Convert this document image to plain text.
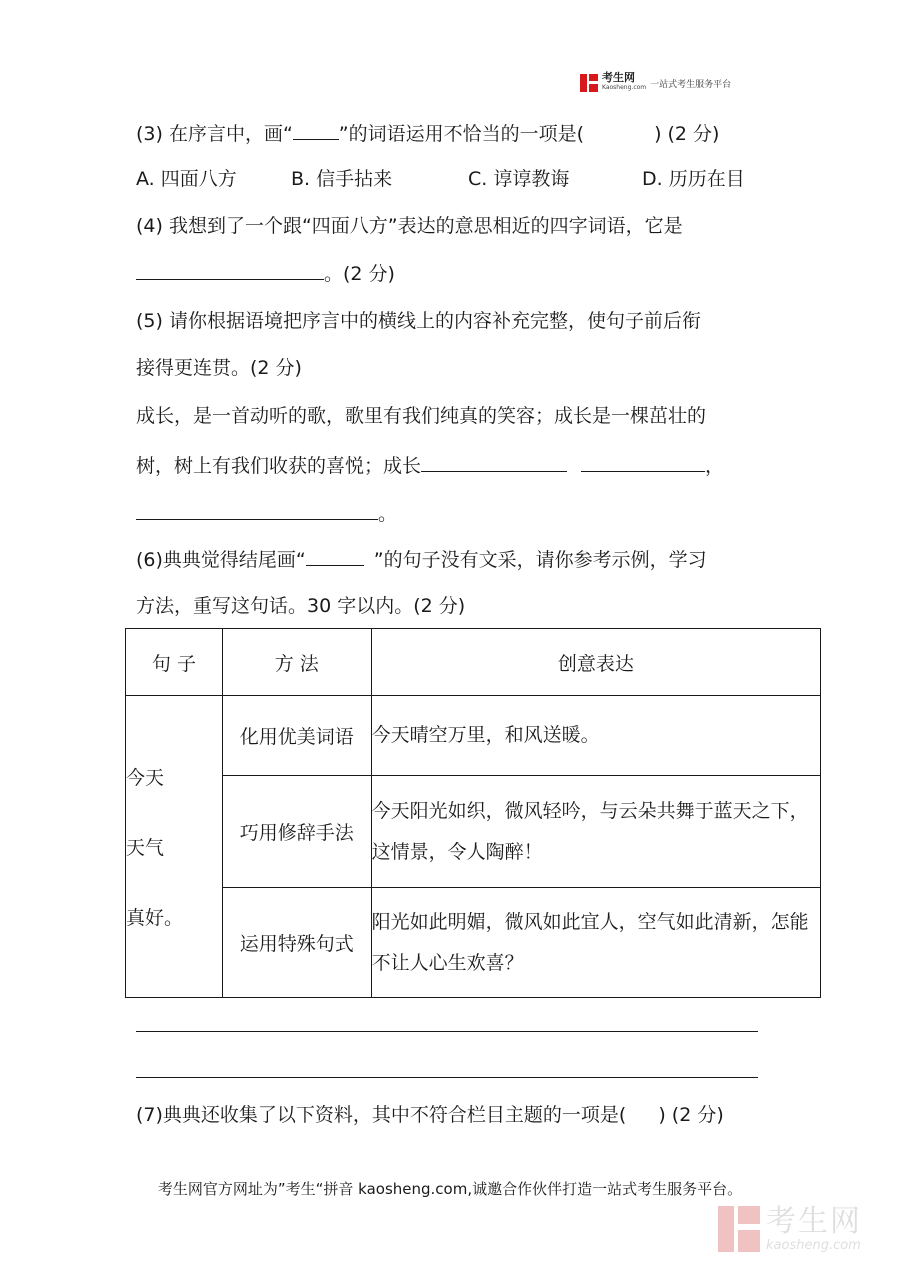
考生网
Kaosheng.com 一站式考生服务平台
(3) 在序言中，画“ ”的词语运用不恰当的一项是(	) (2 分)
A. 四面八方	B. 信手拈来	C. 谆谆教诲	D. 历历在目
(4) 我想到了一个跟“四面八方”表达的意思相近的四字词语，它是
。(2 分)
(5) 请你根据语境把序言中的横线上的内容补充完整，使句子前后衔
接得更连贯。(2 分)
成长，是一首动听的歌，歌里有我们纯真的笑容；成长是一棵茁壮的
树，树上有我们收获的喜悦；成长	，
。
(6)典典觉得结尾画“	”的句子没有文采，请你参考示例，学习
方法，重写这句话。30 字以内。(2 分)
句 子	方 法	创意表达

今天
天气
真好。	化用优美词语	今天晴空万里，和风送暖。
	巧用修辞手法	今天阳光如织，微风轻吟，与云朵共舞于蓝天之下，这情景，令人陶醉！
	运用特殊句式	阳光如此明媚，微风如此宜人，空气如此清新，怎能不让人心生欢喜？
(7)典典还收集了以下资料，其中不符合栏目主题的一项是( ) (2 分)
考生网官方网址为”考生“拼音 kaosheng.com,诚邀合作伙伴打造一站式考生服务平台。
考生网
kaosheng.com
